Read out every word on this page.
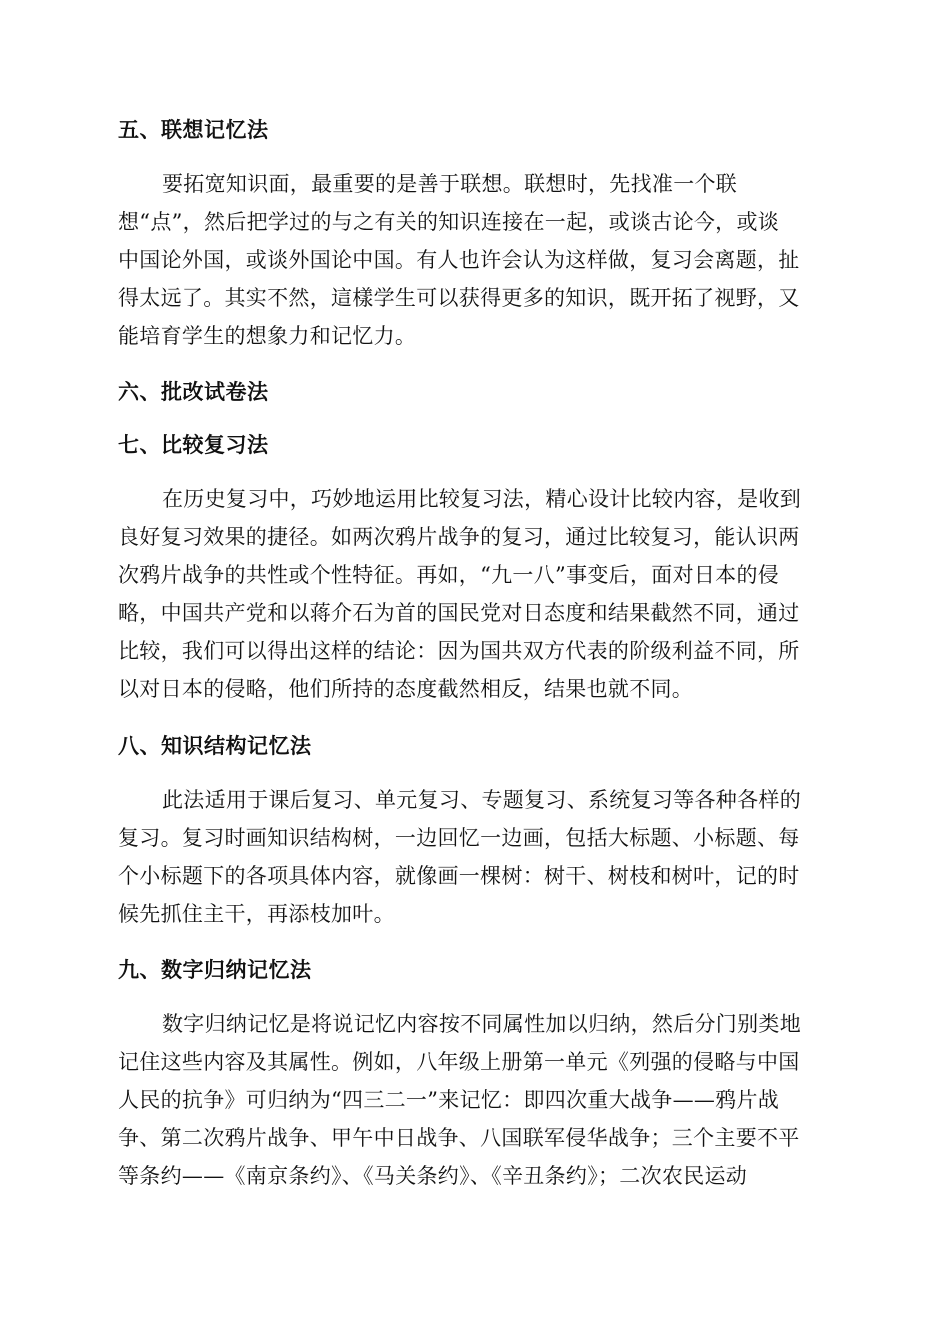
五、联想记忆法
要拓宽知识面，最重要的是善于联想。联想时，先找准一个联
想“点”，然后把学过的与之有关的知识连接在一起，或谈古论今，或谈
中国论外国，或谈外国论中国。有人也许会认为这样做，复习会离题，扯
得太远了。其实不然，這樣学生可以获得更多的知识，既开拓了视野，又
能培育学生的想象力和记忆力。
六、批改试卷法
七、比较复习法
在历史复习中，巧妙地运用比较复习法，精心设计比较内容，是收到
良好复习效果的捷径。如两次鸦片战争的复习，通过比较复习，能认识两
次鸦片战争的共性或个性特征。再如，“九一八”事变后，面对日本的侵
略，中国共产党和以蒋介石为首的国民党对日态度和结果截然不同，通过
比较，我们可以得出这样的结论：因为国共双方代表的阶级利益不同，所
以对日本的侵略，他们所持的态度截然相反，结果也就不同。
八、知识结构记忆法
此法适用于课后复习、单元复习、专题复习、系统复习等各种各样的
复习。复习时画知识结构树，一边回忆一边画，包括大标题、小标题、每
个小标题下的各项具体内容，就像画一棵树：树干、树枝和树叶，记的时
候先抓住主干，再添枝加叶。
九、数字归纳记忆法
数字归纳记忆是将说记忆内容按不同属性加以归纳，然后分门别类地
记住这些内容及其属性。例如，八年级上册第一单元《列强的侵略与中国
人民的抗争》可归纳为“四三二一”来记忆：即四次重大战争——鸦片战
争、第二次鸦片战争、甲午中日战争、八国联军侵华战争；三个主要不平
等条约——《南京条约》、《马关条约》、《辛丑条约》；二次农民运动
